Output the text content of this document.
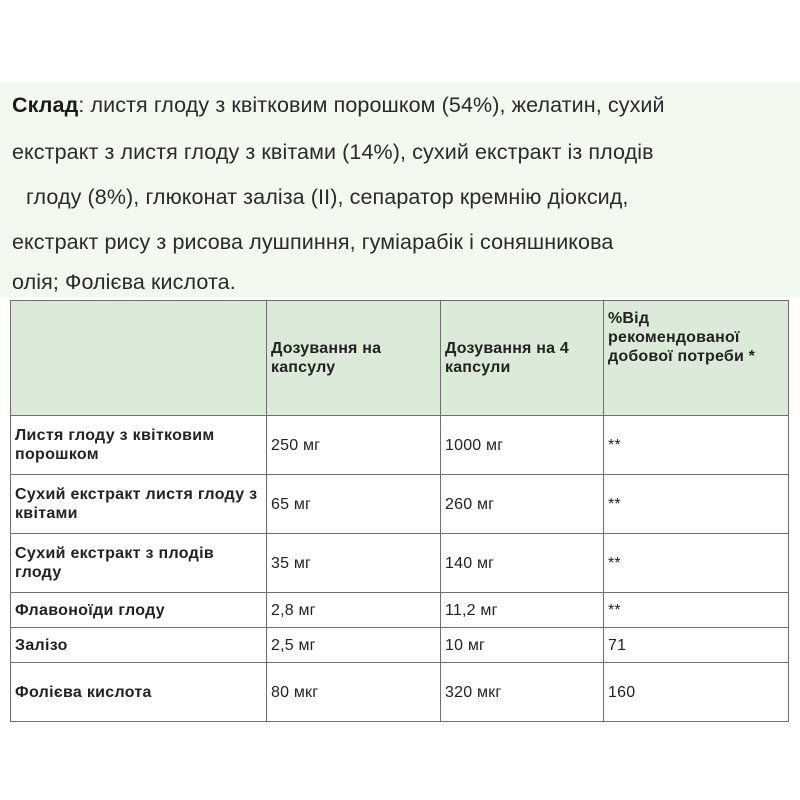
Склад: листя глоду з квітковим порошком (54%), желатин, сухий
екстракт з листя глоду з квітами (14%), сухий екстракт із плодів
глоду (8%), глюконат заліза (II), сепаратор кремнію діоксид,
екстракт рису з рисова лушпиння, гуміарабік і соняшникова
олія; Фолієва кислота.
	Дозування на капсулу	Дозування на 4 капсули	%Від рекомендованої добової потреби *
Листя глоду з квітковим порошком	250 мг	1000 мг	**
Сухий екстракт листя глоду з квітами	65 мг	260 мг	**
Сухий екстракт з плодів глоду	35 мг	140 мг	**
Флавоноїди глоду	2,8 мг	11,2 мг	**
Залізо	2,5 мг	10 мг	71
Фолієва кислота	80 мкг	320 мкг	160
